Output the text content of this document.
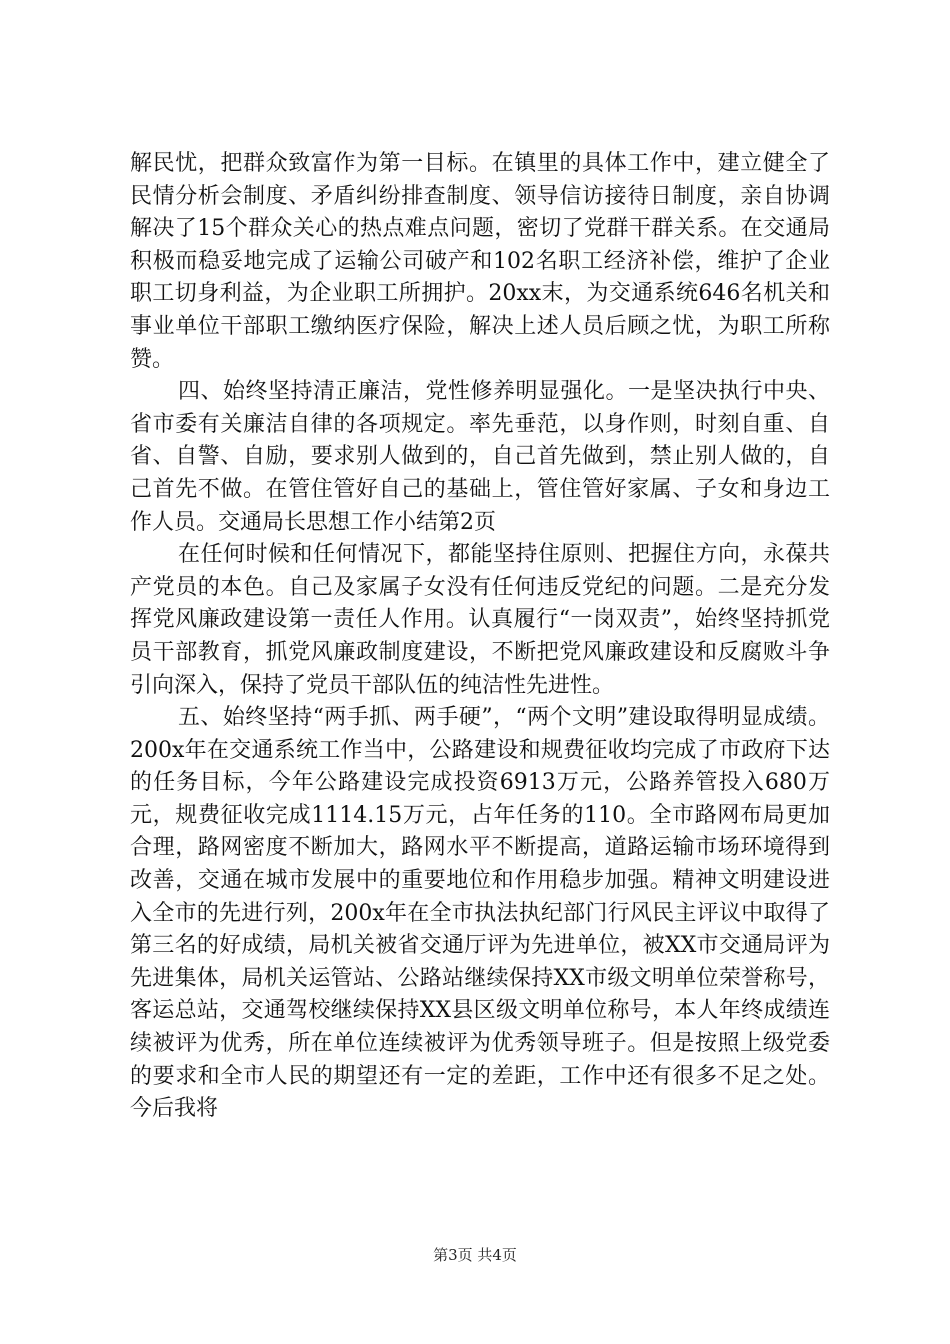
解民忧，把群众致富作为第一目标。在镇里的具体工作中，建立健全了民情分析会制度、矛盾纠纷排查制度、领导信访接待日制度，亲自协调解决了15个群众关心的热点难点问题，密切了党群干群关系。在交通局积极而稳妥地完成了运输公司破产和102名职工经济补偿，维护了企业职工切身利益，为企业职工所拥护。20xx末，为交通系统646名机关和事业单位干部职工缴纳医疗保险，解决上述人员后顾之忧，为职工所称赞。

四、始终坚持清正廉洁，党性修养明显强化。一是坚决执行中央、省市委有关廉洁自律的各项规定。率先垂范，以身作则，时刻自重、自省、自警、自励，要求别人做到的，自己首先做到，禁止别人做的，自己首先不做。在管住管好自己的基础上，管住管好家属、子女和身边工作人员。交通局长思想工作小结第2页

在任何时候和任何情况下，都能坚持住原则、把握住方向，永葆共产党员的本色。自己及家属子女没有任何违反党纪的问题。二是充分发挥党风廉政建设第一责任人作用。认真履行“一岗双责”，始终坚持抓党员干部教育，抓党风廉政制度建设，不断把党风廉政建设和反腐败斗争引向深入，保持了党员干部队伍的纯洁性先进性。

五、始终坚持“两手抓、两手硬”，“两个文明”建设取得明显成绩。200x年在交通系统工作当中，公路建设和规费征收均完成了市政府下达的任务目标，今年公路建设完成投资6913万元，公路养管投入680万元，规费征收完成1114.15万元，占年任务的110。全市路网布局更加合理，路网密度不断加大，路网水平不断提高，道路运输市场环境得到改善，交通在城市发展中的重要地位和作用稳步加强。精神文明建设进入全市的先进行列，200x年在全市执法执纪部门行风民主评议中取得了第三名的好成绩，局机关被省交通厅评为先进单位，被XX市交通局评为先进集体，局机关运管站、公路站继续保持XX市级文明单位荣誉称号，客运总站，交通驾校继续保持XX县区级文明单位称号，本人年终成绩连续被评为优秀，所在单位连续被评为优秀领导班子。但是按照上级党委的要求和全市人民的期望还有一定的差距，工作中还有很多不足之处。今后我将

第3页 共4页
